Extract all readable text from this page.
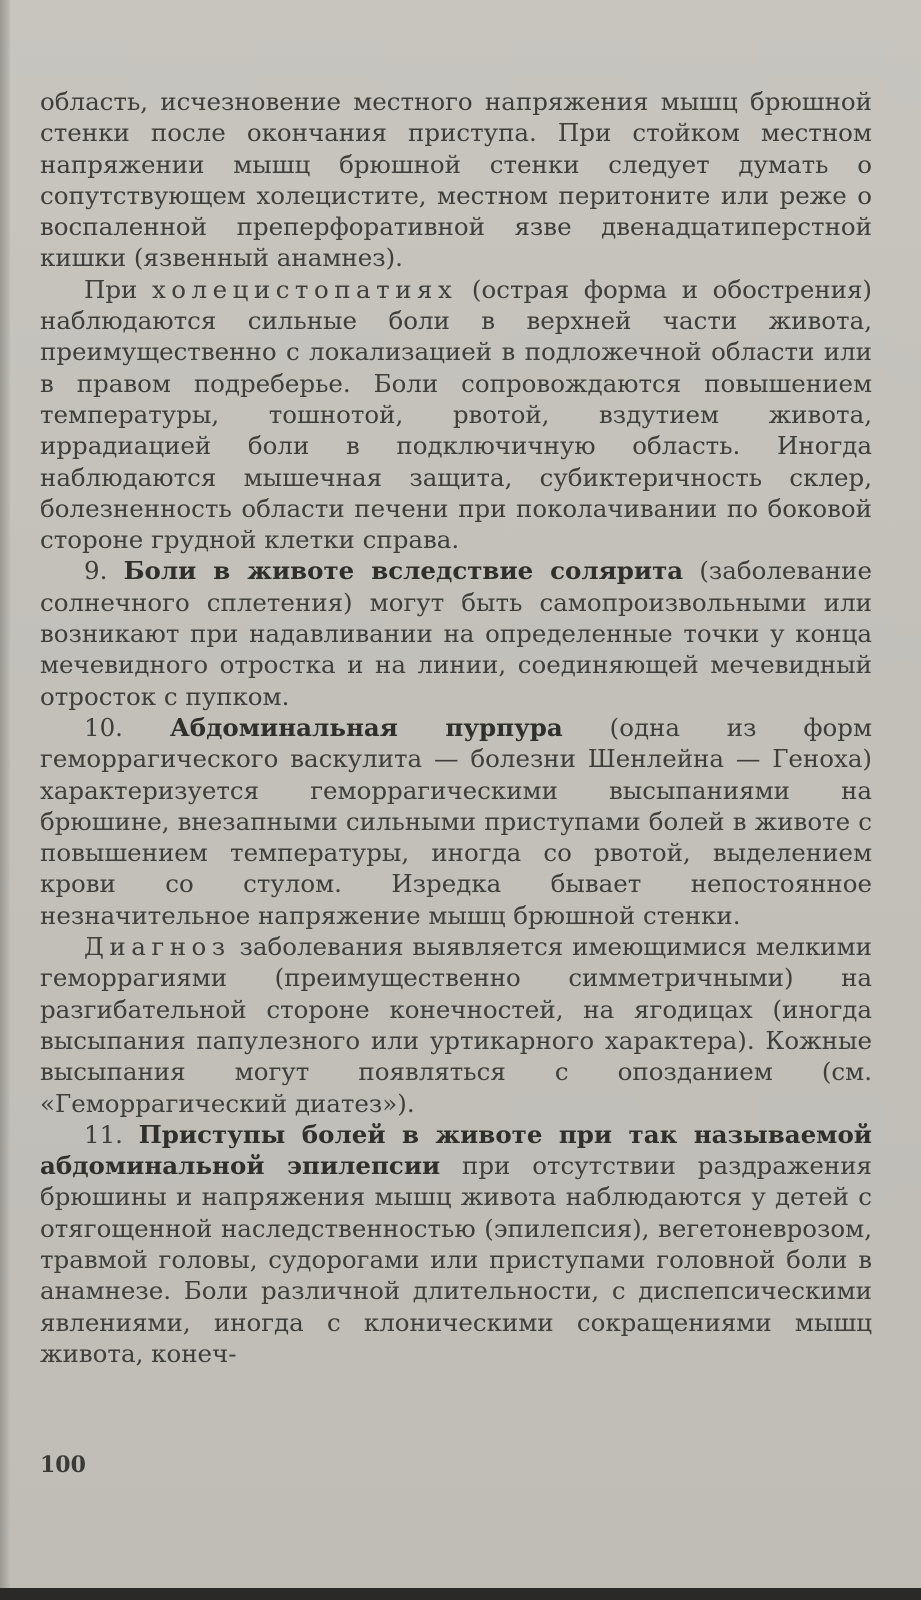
область, исчезновение местного напряжения мышц брюшной стенки после окончания приступа. При стойком местном напряжении мышц брюшной стенки следует думать о сопутствующем холецистите, местном перитоните или реже о воспаленной преперфоративной язве двенадцатиперстной кишки (язвенный анамнез).

При холецистопатиях (острая форма и обострения) наблюдаются сильные боли в верхней части живота, преимущественно с локализацией в подложечной области или в правом подреберье. Боли сопровождаются повышением температуры, тошнотой, рвотой, вздутием живота, иррадиацией боли в подключичную область. Иногда наблюдаются мышечная защита, субиктеричность склер, болезненность области печени при поколачивании по боковой стороне грудной клетки справа.

9. Боли в животе вследствие солярита (заболевание солнечного сплетения) могут быть самопроизвольными или возникают при надавливании на определенные точки у конца мечевидного отростка и на линии, соединяющей мечевидный отросток с пупком.

10. Абдоминальная пурпура (одна из форм геморрагического васкулита — болезни Шенлейна — Геноха) характеризуется геморрагическими высыпаниями на брюшине, внезапными сильными приступами болей в животе с повышением температуры, иногда со рвотой, выделением крови со стулом. Изредка бывает непостоянное незначительное напряжение мышц брюшной стенки.

Диагноз заболевания выявляется имеющимися мелкими геморрагиями (преимущественно симметричными) на разгибательной стороне конечностей, на ягодицах (иногда высыпания папулезного или уртикарного характера). Кожные высыпания могут появляться с опозданием (см. «Геморрагический диатез»).

11. Приступы болей в животе при так называемой абдоминальной эпилепсии при отсутствии раздражения брюшины и напряжения мышц живота наблюдаются у детей с отягощенной наследственностью (эпилепсия), вегетоневрозом, травмой головы, судорогами или приступами головной боли в анамнезе. Боли различной длительности, с диспепсическими явлениями, иногда с клоническими сокращениями мышц живота, конеч-

100
